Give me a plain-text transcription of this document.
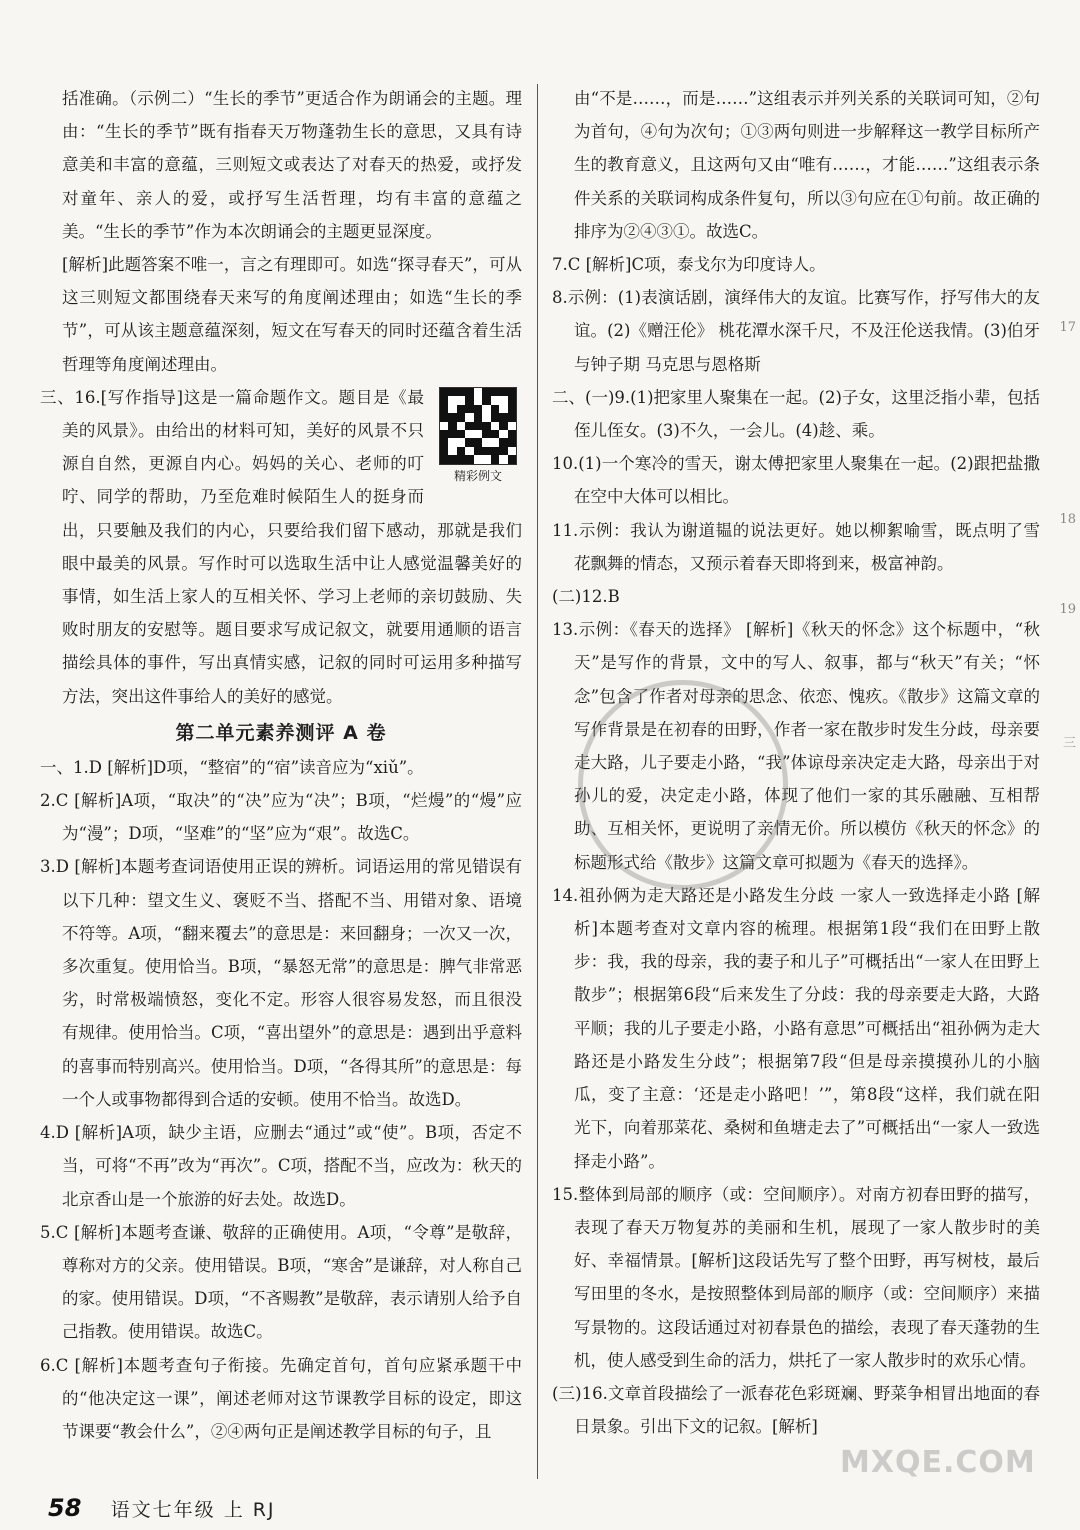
括准确。（示例二）“生长的季节”更适合作为朗诵会的主题。理由：“生长的季节”既有指春天万物蓬勃生长的意思，又具有诗意美和丰富的意蕴，三则短文或表达了对春天的热爱，或抒发对童年、亲人的爱，或抒写生活哲理，均有丰富的意蕴之美。“生长的季节”作为本次朗诵会的主题更显深度。

[解析]此题答案不唯一，言之有理即可。如选“探寻春天”，可从这三则短文都围绕春天来写的角度阐述理由；如选“生长的季节”，可从该主题意蕴深刻，短文在写春天的同时还蕴含着生活哲理等角度阐述理由。

精彩例文

三、16.[写作指导]这是一篇命题作文。题目是《最美的风景》。由给出的材料可知，美好的风景不只源自自然，更源自内心。妈妈的关心、老师的叮咛、同学的帮助，乃至危难时候陌生人的挺身而出，只要触及我们的内心，只要给我们留下感动，那就是我们眼中最美的风景。写作时可以选取生活中让人感觉温馨美好的事情，如生活上家人的互相关怀、学习上老师的亲切鼓励、失败时朋友的安慰等。题目要求写成记叙文，就要用通顺的语言描绘具体的事件，写出真情实感，记叙的同时可运用多种描写方法，突出这件事给人的美好的感觉。

第二单元素养测评 A 卷

一、1.D [解析]D项，“整宿”的“宿”读音应为“xiǔ”。

2.C [解析]A项，“取决”的“决”应为“决”；B项，“烂熳”的“熳”应为“漫”；D项，“坚难”的“坚”应为“艰”。故选C。

3.D [解析]本题考查词语使用正误的辨析。词语运用的常见错误有以下几种：望文生义、褒贬不当、搭配不当、用错对象、语境不符等。A项，“翻来覆去”的意思是：来回翻身；一次又一次，多次重复。使用恰当。B项，“暴怒无常”的意思是：脾气非常恶劣，时常极端愤怒，变化不定。形容人很容易发怒，而且很没有规律。使用恰当。C项，“喜出望外”的意思是：遇到出乎意料的喜事而特别高兴。使用恰当。D项，“各得其所”的意思是：每一个人或事物都得到合适的安顿。使用不恰当。故选D。

4.D [解析]A项，缺少主语，应删去“通过”或“使”。B项，否定不当，可将“不再”改为“再次”。C项，搭配不当，应改为：秋天的北京香山是一个旅游的好去处。故选D。

5.C [解析]本题考查谦、敬辞的正确使用。A项，“令尊”是敬辞，尊称对方的父亲。使用错误。B项，“寒舍”是谦辞，对人称自己的家。使用错误。D项，“不吝赐教”是敬辞，表示请别人给予自己指教。使用错误。故选C。

6.C [解析]本题考查句子衔接。先确定首句，首句应紧承题干中的“他决定这一课”，阐述老师对这节课教学目标的设定，即这节课要“教会什么”，②④两句正是阐述教学目标的句子，且

由“不是……，而是……”这组表示并列关系的关联词可知，②句为首句，④句为次句；①③两句则进一步解释这一教学目标所产生的教育意义，且这两句又由“唯有……，才能……”这组表示条件关系的关联词构成条件复句，所以③句应在①句前。故正确的排序为②④③①。故选C。

7.C [解析]C项，泰戈尔为印度诗人。

8.示例：(1)表演话剧，演绎伟大的友谊。比赛写作，抒写伟大的友谊。(2)《赠汪伦》 桃花潭水深千尺，不及汪伦送我情。(3)伯牙与钟子期 马克思与恩格斯

二、(一)9.(1)把家里人聚集在一起。(2)子女，这里泛指小辈，包括侄儿侄女。(3)不久，一会儿。(4)趁、乘。

10.(1)一个寒冷的雪天，谢太傅把家里人聚集在一起。(2)跟把盐撒在空中大体可以相比。

11.示例：我认为谢道韫的说法更好。她以柳絮喻雪，既点明了雪花飘舞的情态，又预示着春天即将到来，极富神韵。

(二)12.B

13.示例：《春天的选择》 [解析]《秋天的怀念》这个标题中，“秋天”是写作的背景，文中的写人、叙事，都与“秋天”有关；“怀念”包含了作者对母亲的思念、依恋、愧疚。《散步》这篇文章的写作背景是在初春的田野，作者一家在散步时发生分歧，母亲要走大路，儿子要走小路，“我”体谅母亲决定走大路，母亲出于对孙儿的爱，决定走小路，体现了他们一家的其乐融融、互相帮助、互相关怀，更说明了亲情无价。所以模仿《秋天的怀念》的标题形式给《散步》这篇文章可拟题为《春天的选择》。

14.祖孙俩为走大路还是小路发生分歧 一家人一致选择走小路 [解析]本题考查对文章内容的梳理。根据第1段“我们在田野上散步：我，我的母亲，我的妻子和儿子”可概括出“一家人在田野上散步”；根据第6段“后来发生了分歧：我的母亲要走大路，大路平顺；我的儿子要走小路，小路有意思”可概括出“祖孙俩为走大路还是小路发生分歧”；根据第7段“但是母亲摸摸孙儿的小脑瓜，变了主意：‘还是走小路吧！’”，第8段“这样，我们就在阳光下，向着那菜花、桑树和鱼塘走去了”可概括出“一家人一致选择走小路”。

15.整体到局部的顺序（或：空间顺序）。对南方初春田野的描写，表现了春天万物复苏的美丽和生机，展现了一家人散步时的美好、幸福情景。[解析]这段话先写了整个田野，再写树枝，最后写田里的冬水，是按照整体到局部的顺序（或：空间顺序）来描写景物的。这段话通过对初春景色的描绘，表现了春天蓬勃的生机，使人感受到生命的活力，烘托了一家人散步时的欢乐心情。

(三)16.文章首段描绘了一派春花色彩斑斓、野菜争相冒出地面的春日景象。引出下文的记叙。[解析]

58 语文七年级 上 RJ
17
18
19
三
MXQE.COM
